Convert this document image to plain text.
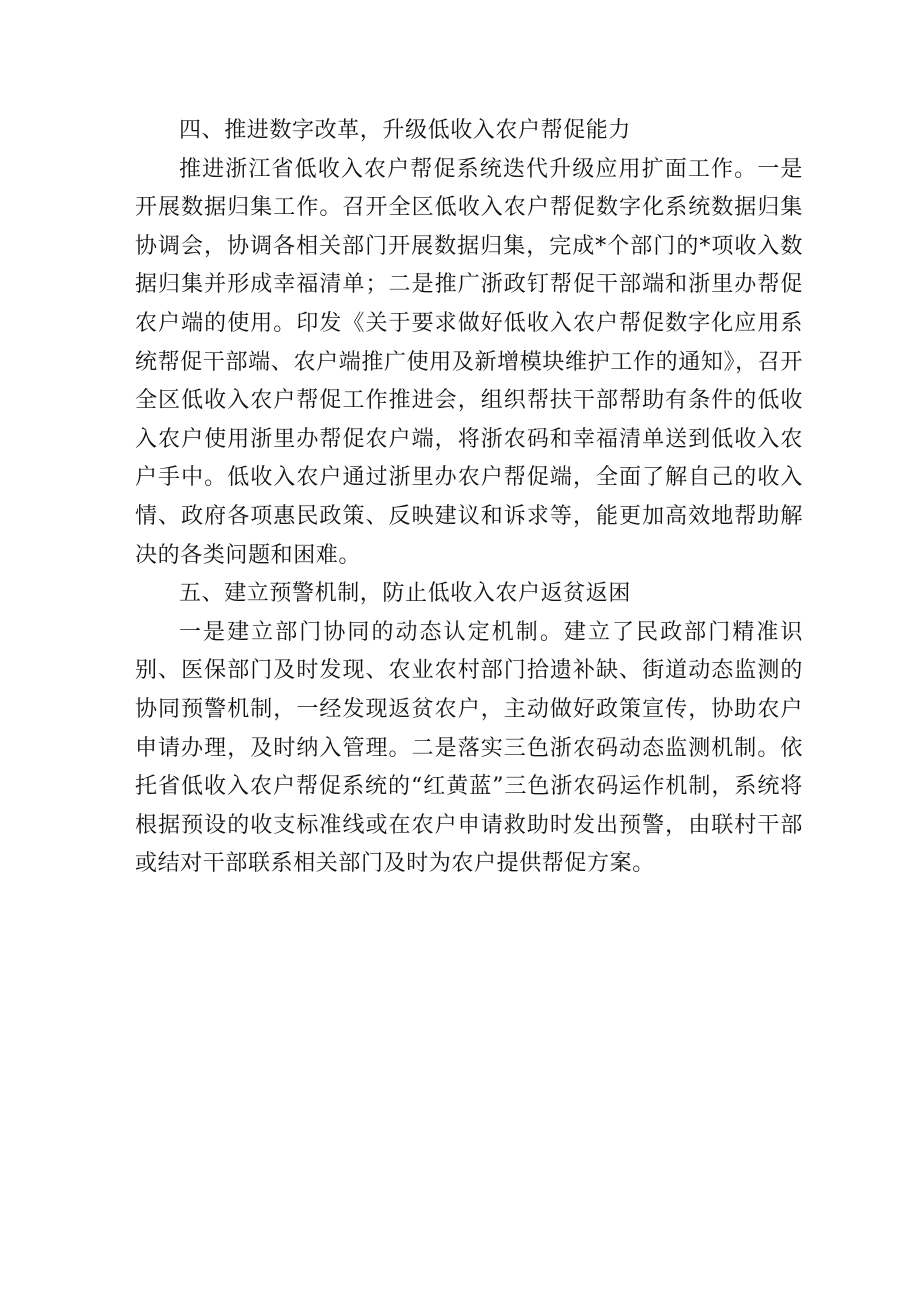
四、推进数字改革，升级低收入农户帮促能力

推进浙江省低收入农户帮促系统迭代升级应用扩面工作。一是开展数据归集工作。召开全区低收入农户帮促数字化系统数据归集协调会，协调各相关部门开展数据归集，完成*个部门的*项收入数据归集并形成幸福清单；二是推广浙政钉帮促干部端和浙里办帮促农户端的使用。印发《关于要求做好低收入农户帮促数字化应用系统帮促干部端、农户端推广使用及新增模块维护工作的通知》，召开全区低收入农户帮促工作推进会，组织帮扶干部帮助有条件的低收入农户使用浙里办帮促农户端，将浙农码和幸福清单送到低收入农户手中。低收入农户通过浙里办农户帮促端，全面了解自己的收入情、政府各项惠民政策、反映建议和诉求等，能更加高效地帮助解决的各类问题和困难。

五、建立预警机制，防止低收入农户返贫返困

一是建立部门协同的动态认定机制。建立了民政部门精准识别、医保部门及时发现、农业农村部门拾遗补缺、街道动态监测的协同预警机制，一经发现返贫农户，主动做好政策宣传，协助农户申请办理，及时纳入管理。二是落实三色浙农码动态监测机制。依托省低收入农户帮促系统的“红黄蓝”三色浙农码运作机制，系统将根据预设的收支标准线或在农户申请救助时发出预警，由联村干部或结对干部联系相关部门及时为农户提供帮促方案。
